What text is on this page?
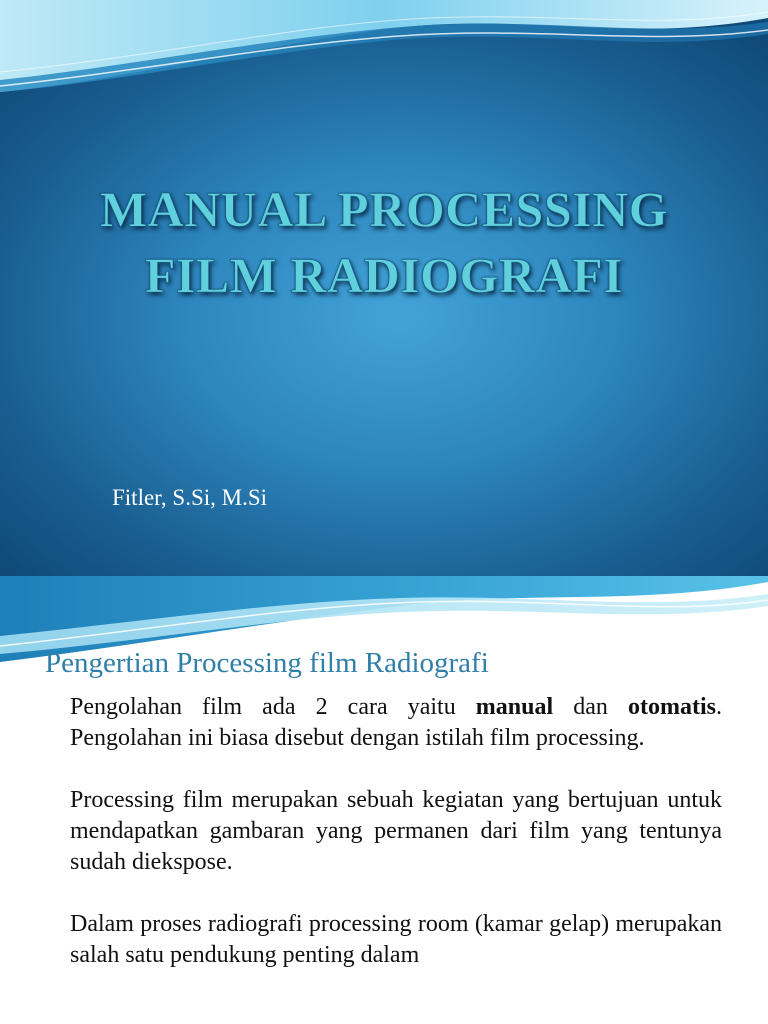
MANUAL PROCESSING
FILM RADIOGRAFI
Fitler, S.Si, M.Si
Pengertian Processing film Radiografi

Pengolahan film ada 2 cara yaitu manual dan otomatis. Pengolahan ini biasa disebut dengan istilah film processing.

Processing film merupakan sebuah kegiatan yang bertujuan untuk mendapatkan gambaran yang permanen dari film yang tentunya sudah diekspose.

Dalam proses radiografi processing room (kamar gelap) merupakan salah satu pendukung penting dalam
